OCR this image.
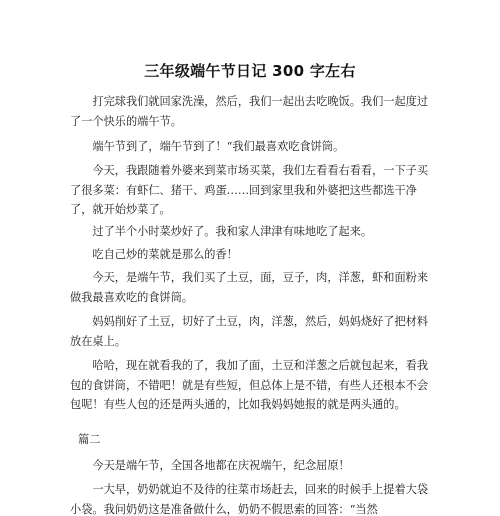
三年级端午节日记 300 字左右

打完球我们就回家洗澡，然后，我们一起出去吃晚饭。我们一起度过了一个快乐的端午节。

端午节到了，端午节到了！“我们最喜欢吃食饼筒。

今天，我跟随着外婆来到菜市场买菜，我们左看看右看看，一下子买了很多菜：有虾仁、猪干、鸡蛋……回到家里我和外婆把这些都选干净了，就开始炒菜了。

过了半个小时菜炒好了。我和家人津津有味地吃了起来。

吃自己炒的菜就是那么的香！

今天，是端午节，我们买了土豆，面，豆子，肉，洋葱，虾和面粉来做我最喜欢吃的食饼筒。

妈妈削好了土豆，切好了土豆，肉，洋葱，然后，妈妈烧好了把材料放在桌上。

哈哈，现在就看我的了，我加了面，土豆和洋葱之后就包起来，看我包的食饼筒，不错吧！就是有些短，但总体上是不错，有些人还根本不会包呢！有些人包的还是两头通的，比如我妈妈她报的就是两头通的。

篇二

今天是端午节，全国各地都在庆祝端午，纪念屈原！

一大早，奶奶就迫不及待的往菜市场赶去，回来的时候手上提着大袋小袋。我问奶奶这是准备做什么，奶奶不假思索的回答：“当然
